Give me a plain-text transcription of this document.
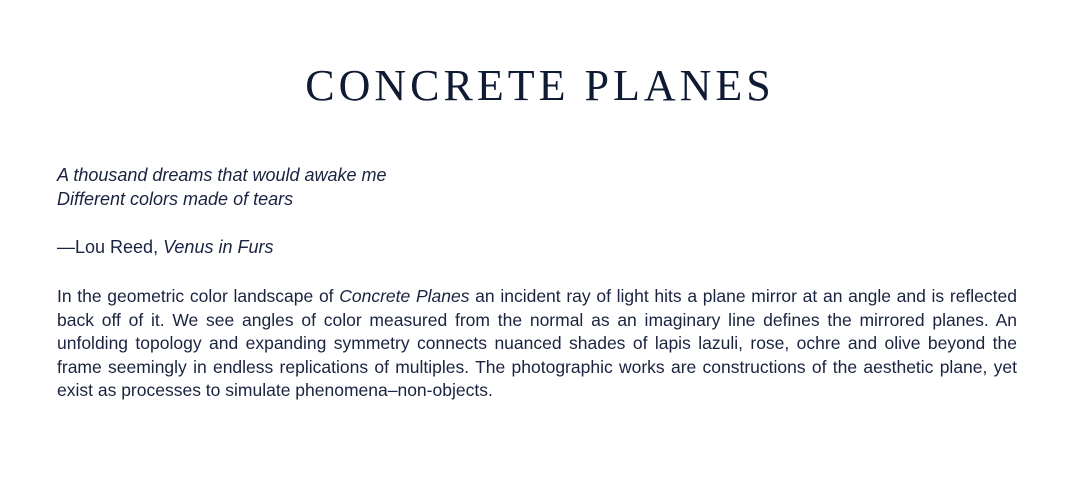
CONCRETE PLANES
A thousand dreams that would awake me
Different colors made of tears
—Lou Reed, Venus in Furs

In the geometric color landscape of Concrete Planes an incident ray of light hits a plane mirror at an angle and is reflected back off of it. We see angles of color measured from the normal as an imaginary line defines the mirrored planes. An unfolding topology and expanding symmetry connects nuanced shades of lapis lazuli, rose, ochre and olive beyond the frame seemingly in endless replications of multiples. The photographic works are constructions of the aesthetic plane, yet exist as processes to simulate phenomena–non-objects.
